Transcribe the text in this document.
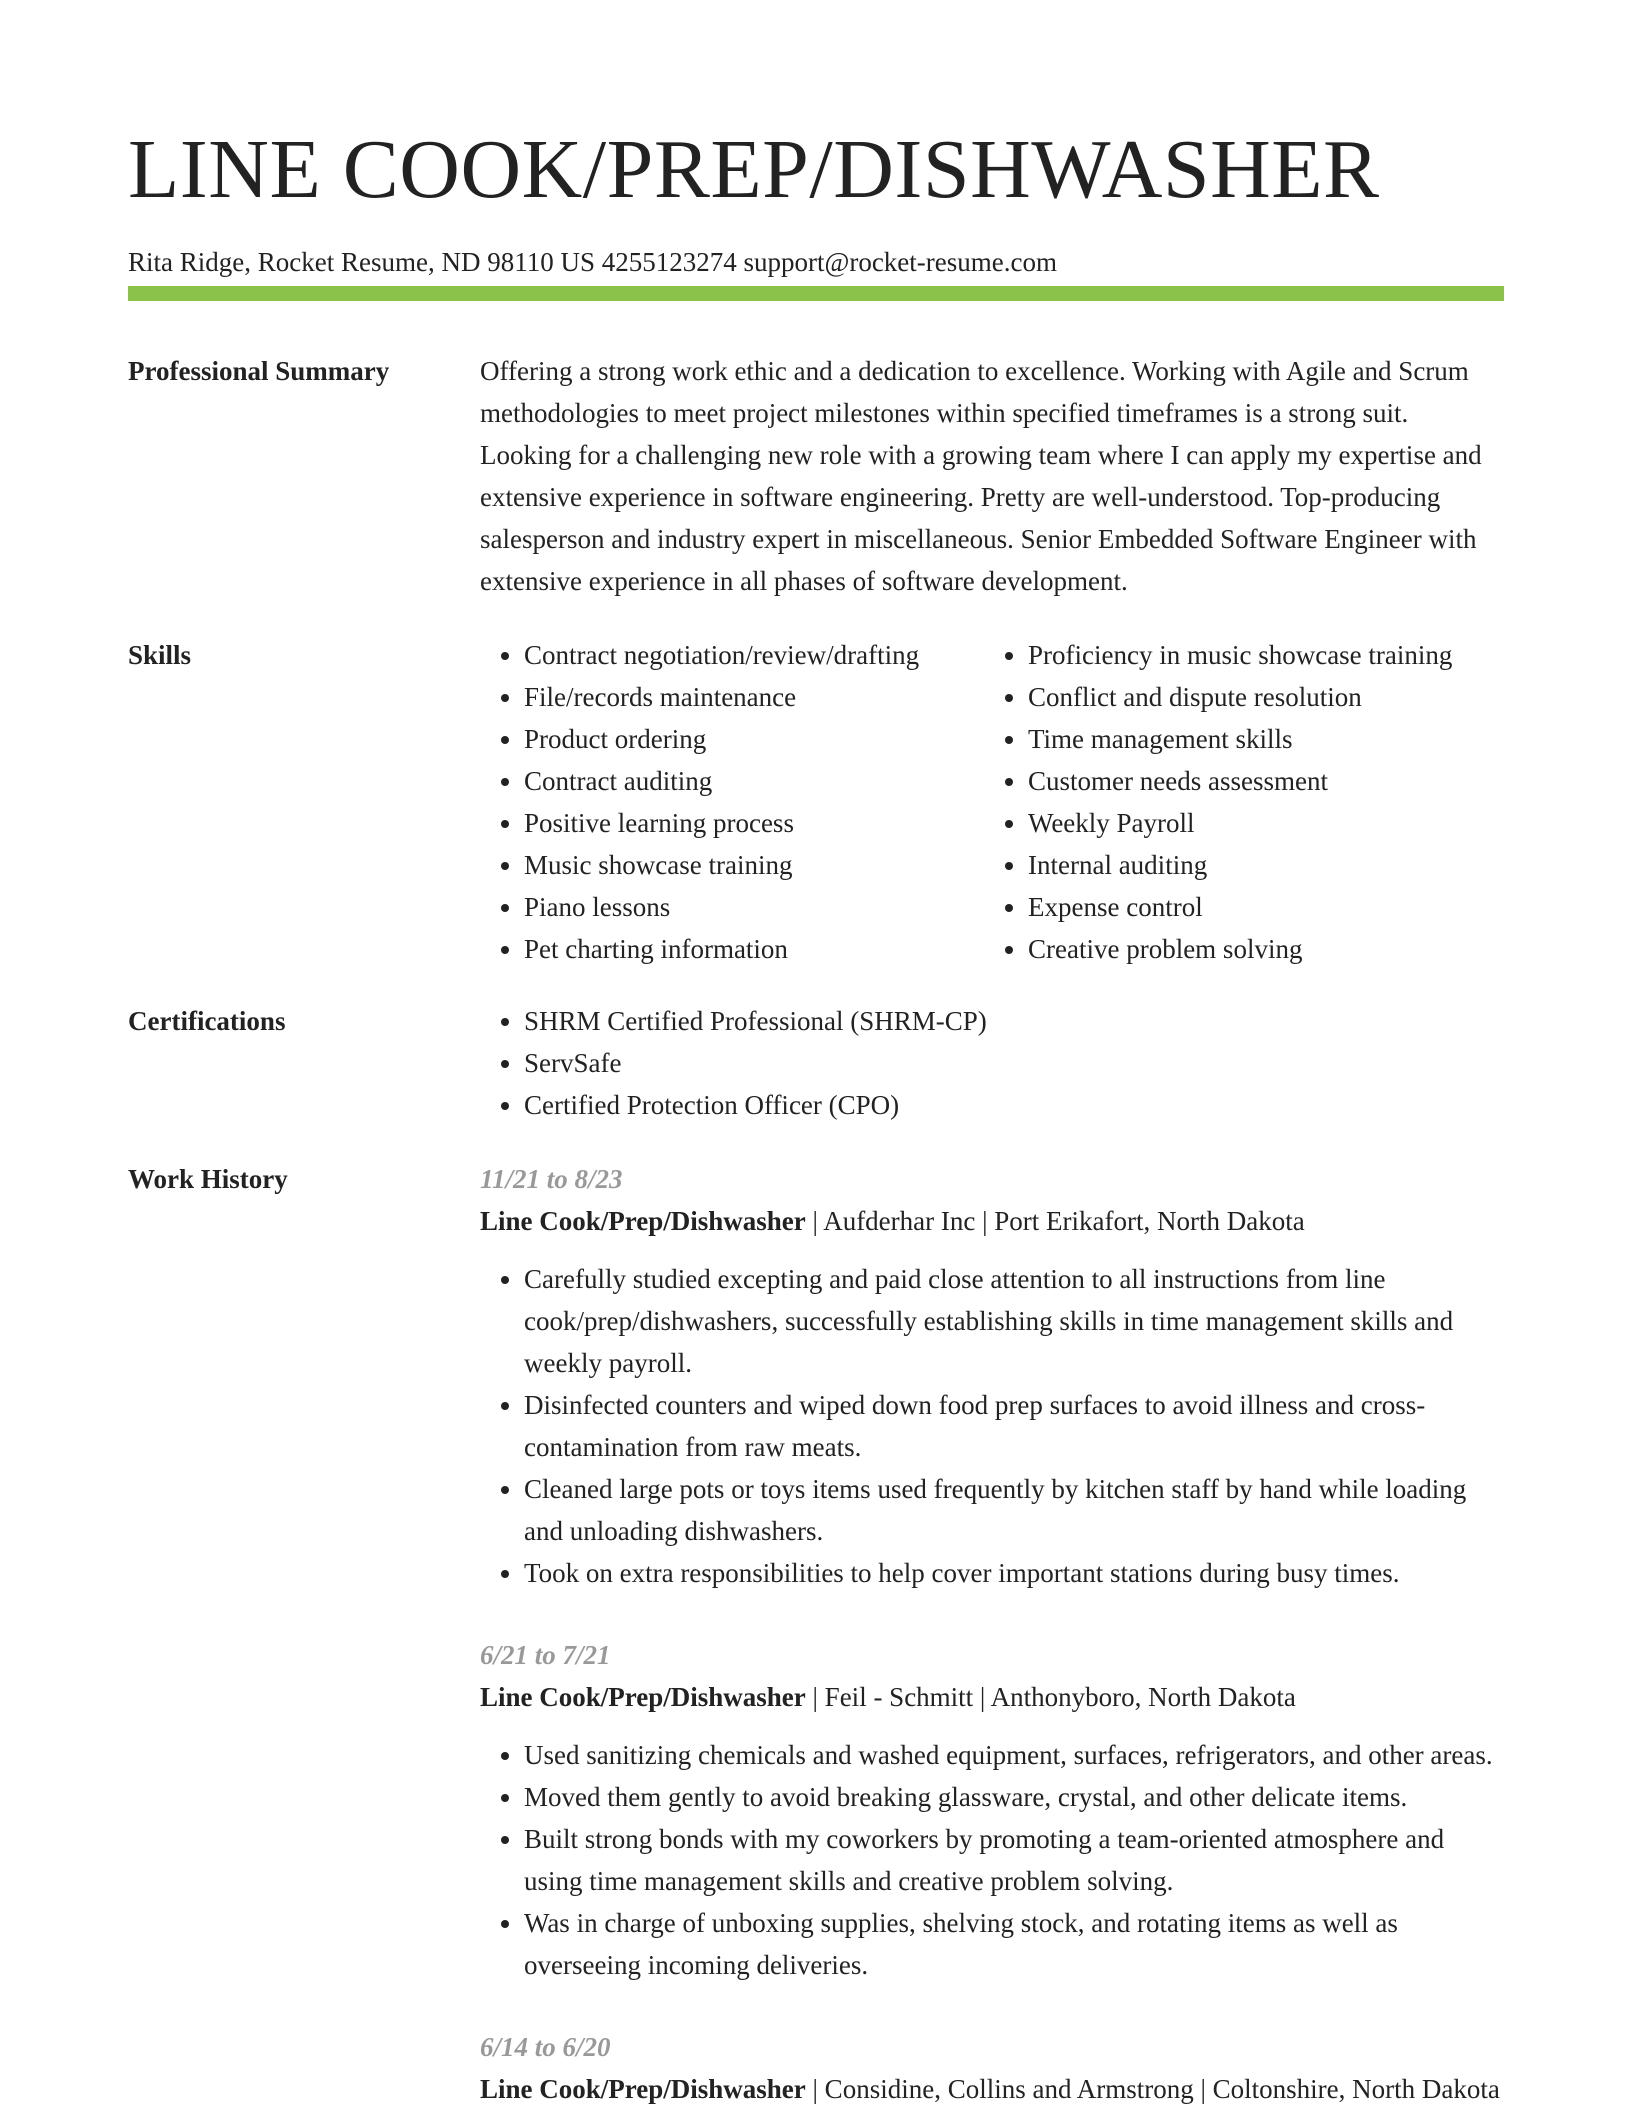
LINE COOK/PREP/DISHWASHER
Rita Ridge, Rocket Resume, ND 98110 US 4255123274 support@rocket-resume.com
Professional Summary	Offering a strong work ethic and a dedication to excellence. Working with Agile and Scrum methodologies to meet project milestones within specified timeframes is a strong suit. Looking for a challenging new role with a growing team where I can apply my expertise and extensive experience in software engineering. Pretty are well-understood. Top-producing salesperson and industry expert in miscellaneous. Senior Embedded Software Engineer with extensive experience in all phases of software development.

Skills	• Contract negotiation/review/drafting
• File/records maintenance
• Product ordering
• Contract auditing
• Positive learning process
• Music showcase training
• Piano lessons
• Pet charting information
• Proficiency in music showcase training
• Conflict and dispute resolution
• Time management skills
• Customer needs assessment
• Weekly Payroll
• Internal auditing
• Expense control
• Creative problem solving
Certifications	• SHRM Certified Professional (SHRM-CP)
• ServSafe
• Certified Protection Officer (CPO)
Work History	11/21 to 8/23

Line Cook/Prep/Dishwasher | Aufderhar Inc | Port Erikafort, North Dakota

• Carefully studied excepting and paid close attention to all instructions from line cook/prep/dishwashers, successfully establishing skills in time management skills and weekly payroll.
• Disinfected counters and wiped down food prep surfaces to avoid illness and cross-contamination from raw meats.
• Cleaned large pots or toys items used frequently by kitchen staff by hand while loading and unloading dishwashers.
• Took on extra responsibilities to help cover important stations during busy times.

6/21 to 7/21

Line Cook/Prep/Dishwasher | Feil - Schmitt | Anthonyboro, North Dakota

• Used sanitizing chemicals and washed equipment, surfaces, refrigerators, and other areas.
• Moved them gently to avoid breaking glassware, crystal, and other delicate items.
• Built strong bonds with my coworkers by promoting a team-oriented atmosphere and using time management skills and creative problem solving.
• Was in charge of unboxing supplies, shelving stock, and rotating items as well as overseeing incoming deliveries.

6/14 to 6/20

Line Cook/Prep/Dishwasher | Considine, Collins and Armstrong | Coltonshire, North Dakota
